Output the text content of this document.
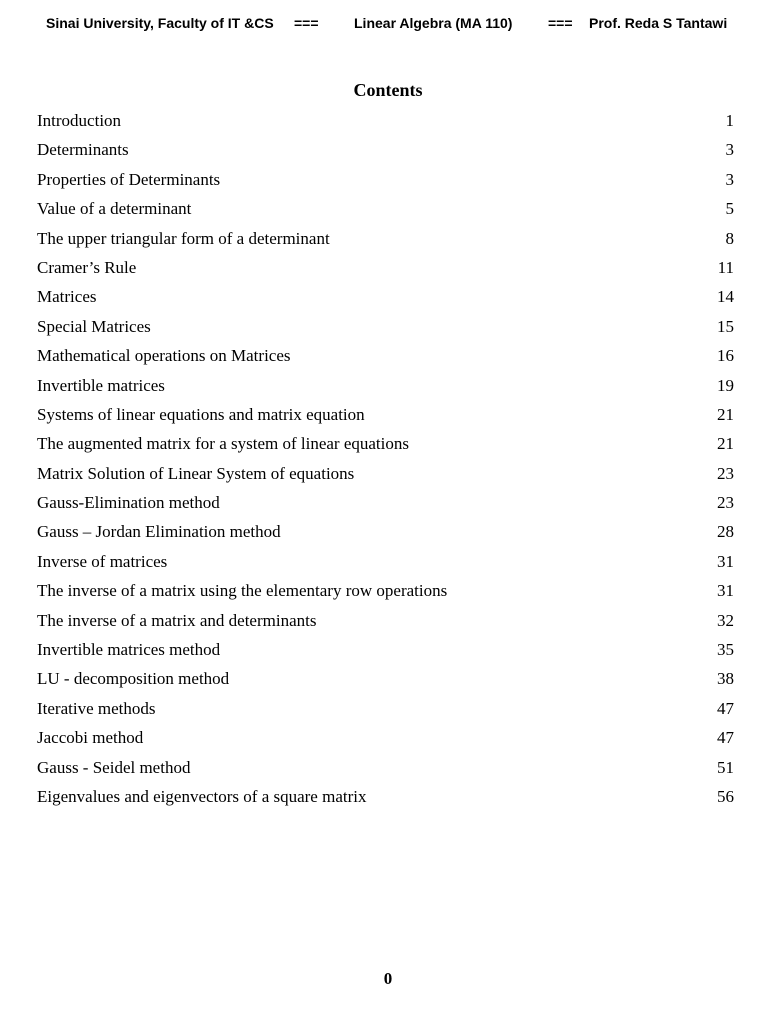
Sinai University, Faculty of IT &CS ===	Linear Algebra (MA 110)	=== Prof. Reda S Tantawi
Contents
Introduction	1
Determinants	3
Properties of Determinants	3
Value of a determinant	5
The upper triangular form of a determinant	8
Cramer’s Rule	11
Matrices	14
Special Matrices	15
Mathematical operations on Matrices	16
Invertible matrices	19
Systems of linear equations and matrix equation	21
The augmented matrix for a system of linear equations	21
Matrix Solution of Linear System of equations	23
Gauss-Elimination method	23
Gauss – Jordan Elimination method	28
Inverse of matrices	31
The inverse of a matrix using the elementary row operations	31
The inverse of a matrix and determinants	32
Invertible matrices method	35
LU - decomposition method	38
Iterative methods	47
Jaccobi method	47
Gauss - Seidel method	51
Eigenvalues and eigenvectors of a square matrix	56
0
